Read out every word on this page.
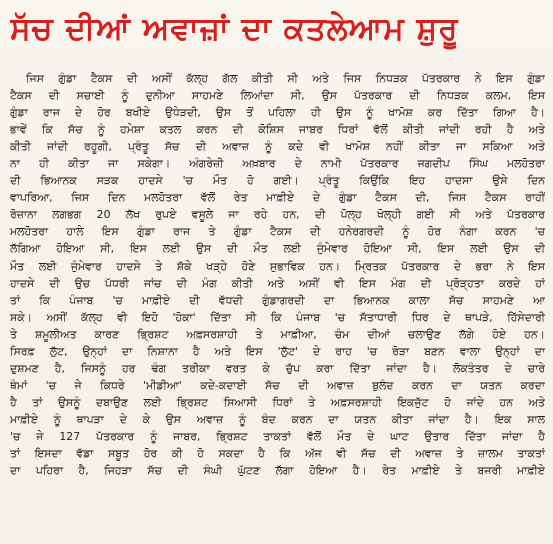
ਸੱਚ ਦੀਆਂ ਅਵਾਜ਼ਾਂ ਦਾ ਕਤਲੇਆਮ ਸ਼ੁਰੂ
ਜਿਸ ਗੁੰਡਾ ਟੈਕਸ ਦੀ ਅਸੀਂ ਕੱਲ੍ਹ ਗੱਲ ਕੀਤੀ ਸੀ ਅਤੇ ਜਿਸ ਨਿਧੜਕ ਪੱਤਰਕਾਰ ਨੇ ਇਸ ਗੁੰਡਾ
ਟੈਕਸ ਦੀ ਸਚਾਈ ਨੂੰ ਦੁਨੀਆ ਸਾਹਮਣੇ ਲਿਆਂਦਾ ਸੀ, ਉਸ ਪੱਤਰਕਾਰ ਦੀ ਨਿਧੜਕ ਕਲਮ, ਇਸ
ਗੁੰਡਾ ਰਾਜ ਦੇ ਹੋਰ ਬਖੀਏ ਉਧੇੜਦੀ, ਉਸ ਤੋਂ ਪਹਿਲਾ ਹੀ ਉਸ ਨੂੰ ਖਾਮੋਸ਼ ਕਰ ਦਿੱਤਾ ਗਿਆ ਹੈ।
ਭਾਵੇਂ ਕਿ ਸੱਚ ਨੂੰ ਹਮੇਸ਼ਾ ਕਤਲ ਕਰਨ ਦੀ ਕੋਸ਼ਿਸ ਜਾਬਰ ਧਿਰਾਂ ਵੱਲੋਂ ਕੀਤੀ ਜਾਂਦੀ ਰਹੀ ਹੈ ਅਤੇ
ਕੀਤੀ ਜਾਂਦੀ ਰਹੂਗੀ, ਪ੍ਰੰਤੂ ਸੱਚ ਦੀ ਅਵਾਜ਼ ਨੂੰ ਕਦੇ ਵੀ ਖਾਮੋਸ਼ ਨਹੀਂ ਕੀਤਾ ਜਾ ਸਕਿਆ ਅਤੇ
ਨਾ ਹੀ ਕੀਤਾ ਜਾ ਸਕੇਗਾ। ਅੰਗਰੇਜ਼ੀ ਅਖ਼ਬਾਰ ਦੇ ਨਾਮੀ ਪੱਤਰਕਾਰ ਜਗਦੀਪ ਸਿੰਘ ਮਲਹੋਤਰਾ
ਦੀ ਭਿਆਨਕ ਸੜਕ ਹਾਦਸੇ 'ਚ ਮੌਤ ਹੋ ਗਈ। ਪ੍ਰੰਤੂ ਕਿਉਂਕਿ ਇਹ ਹਾਦਸਾ ਉਸੇ ਦਿਨ
ਵਾਪਰਿਆ, ਜਿਸ ਦਿਨ ਮਲਹੋਤਰਾ ਵੱਲੋਂ ਰੇਤ ਮਾਫ਼ੀਏ ਦੇ ਗੁੰਡਾ ਟੈਕਸ ਦੀ, ਜਿਸ ਟੈਕਸ ਰਾਹੀਂ
ਰੋਜ਼ਾਨਾ ਲਗਭਗ 20 ਲੱਖ ਰੁਪਏ ਵਸੂਲੇ ਜਾ ਰਹੇ ਹਨ, ਦੀ ਪੋਲ੍ਹ ਖੋਲ੍ਹੀ ਗਈ ਸੀ ਅਤੇ ਪੱਤਰਕਾਰ
ਮਲਹੋਤਰਾ ਹਾਲੇ ਇਸ ਗੁੰਡਾ ਰਾਜ ਤੇ ਗੁੰਡਾ ਟੈਕਸ ਦੀ ਹਨੇਰਗਰਦੀ ਨੂੰ ਹੋਰ ਨੰਗਾ ਕਰਨ 'ਚ
ਲੱਗਿਆ ਹੋਇਆ ਸੀ, ਇਸ ਲਈ ਉਸ ਦੀ ਮੌਤ ਲਈ ਜੁੰਮੇਵਾਰ ਹੋਇਆ ਸੀ, ਇਸ ਲਈ ਉਸ ਦੀ
ਮੌਤ ਲਈ ਜੁੰਮੇਵਾਰ ਹਾਦਸੇ ਤੇ ਸ਼ੱਕੇ ਖੜ੍ਹੇ ਹੋਣੇ ਸੁਭਾਵਿਕ ਹਨ। ਮ੍ਰਿਤਕ ਪੱਤਰਕਾਰ ਦੇ ਭਰਾ ਨੇ ਇਸ
ਹਾਦਸੇ ਦੀ ਉਚ ਪੱਧਰੀ ਜਾਂਚ ਦੀ ਮੰਗ ਕੀਤੀ ਅਤੇ ਅਸੀਂ ਵੀ ਇਸ ਮੰਗ ਦੀ ਪ੍ਰੋੜ੍ਹਤਾ ਕਰਦੇ ਹਾਂ
ਤਾਂ ਕਿ ਪੰਜਾਬ 'ਚ ਮਾਫ਼ੀਏ ਦੀ ਵੱਧਦੀ ਗੁੰਡਾਗਰਦੀ ਦਾ ਭਿਆਨਕ ਕਾਲਾ ਸੱਚ ਸਾਹਮਣੇ ਆ
ਸਕੇ। ਅਸੀਂ ਕੱਲ੍ਹ ਵੀ ਇਹੋ 'ਹੋਕਾ' ਦਿੱਤਾ ਸੀ ਕਿ ਪੰਜਾਬ 'ਚ ਸੱਤਾਧਾਰੀ ਧਿਰ ਦੇ ਥਾਪੜੇ, ਹਿੱਸੇਦਾਰੀ
ਤੇ ਸ਼ਮੂਲੀਅਤ ਕਾਰਣ ਭ੍ਰਿਸ਼ਟ ਅਫ਼ਸਰਸ਼ਾਹੀ ਤੇ ਮਾਫ਼ੀਆ, ਚੰਮ ਦੀਆਂ ਚਲਾਉਣ ਲੱਗੇ ਹੋਏ ਹਨ।
ਸਿਰਫ਼ ਲੁੱਟ, ਉਨ੍ਹਾਂ ਦਾ ਨਿਸ਼ਾਨਾ ਹੈ ਅਤੇ ਇਸ 'ਲੁੱਟ' ਦੇ ਰਾਹ 'ਚ ਰੋੜਾ ਬਣਨ ਵਾਲਾ ਉਨ੍ਹਾਂ ਦਾ
ਦੁਸ਼ਮਣ ਹੈ, ਜਿਸਨੂੰ ਹਰ ਢੰਗ ਤਰੀਕਾ ਵਰਤ ਕੇ ਚੁੱਪ ਕਰਾ ਦਿੱਤਾ ਜਾਂਦਾ ਹੈ। ਲੋਕਤੰਤਰ ਦੇ ਚਾਰੇ
ਥੰਮਾਂ 'ਚ ਜੇ ਕਿਧਰੇ 'ਮੀਡੀਆ' ਕਦੇ-ਕਦਾਈ ਸੱਚ ਦੀ ਅਵਾਜ਼ ਬੁਲੰਦ ਕਰਨ ਦਾ ਯਤਨ ਕਰਦਾ
ਹੈ ਤਾਂ ਉਸਨੂੰ ਦਬਾਉਣ ਲਈ ਭ੍ਰਿਸ਼ਟ ਸਿਆਸੀ ਧਿਰਾਂ ਤੇ ਅਫ਼ਸਰਸ਼ਾਹੀ ਇਕਜੁੱਟ ਹੋ ਜਾਂਦੇ ਹਨ ਅਤੇ
ਮਾਫ਼ੀਏ ਨੂੰ ਥਾਪੜਾ ਦੇ ਕੇ ਉਸ ਅਵਾਜ਼ ਨੂੰ ਬੰਦ ਕਰਨ ਦਾ ਯਤਨ ਕੀਤਾ ਜਾਂਦਾ ਹੈ। ਇਕ ਸਾਲ
'ਚ ਜੇ 127 ਪੱਤਰਕਾਰ ਨੂੰ ਜਾਬਰ, ਭ੍ਰਿਸ਼ਟ ਤਾਕਤਾਂ ਵੱਲੋਂ ਮੌਤ ਦੇ ਘਾਟ ਉਤਾਰ ਦਿੱਤਾ ਜਾਂਦਾ ਹੈ
ਤਾਂ ਇਸਦਾ ਵੱਡਾ ਸਬੂਤ ਹੋਰ ਕੀ ਹੋ ਸਕਦਾ ਹੈ ਕਿ ਅੱਜ ਵੀ ਸੱਚ ਦੀ ਅਵਾਜ਼ ਤੇ ਜ਼ਾਲਮ ਤਾਕਤਾਂ
ਦਾ ਪਹਿਰਾ ਹੈ, ਜਿਹੜਾ ਸੱਚ ਦੀ ਸੰਘੀ ਘੁੱਟਣ ਲੱਗਾ ਹੋਇਆ ਹੈ। ਰੇਤ ਮਾਫ਼ੀਏ ਤੇ ਬਜਰੀ ਮਾਫ਼ੀਏ
